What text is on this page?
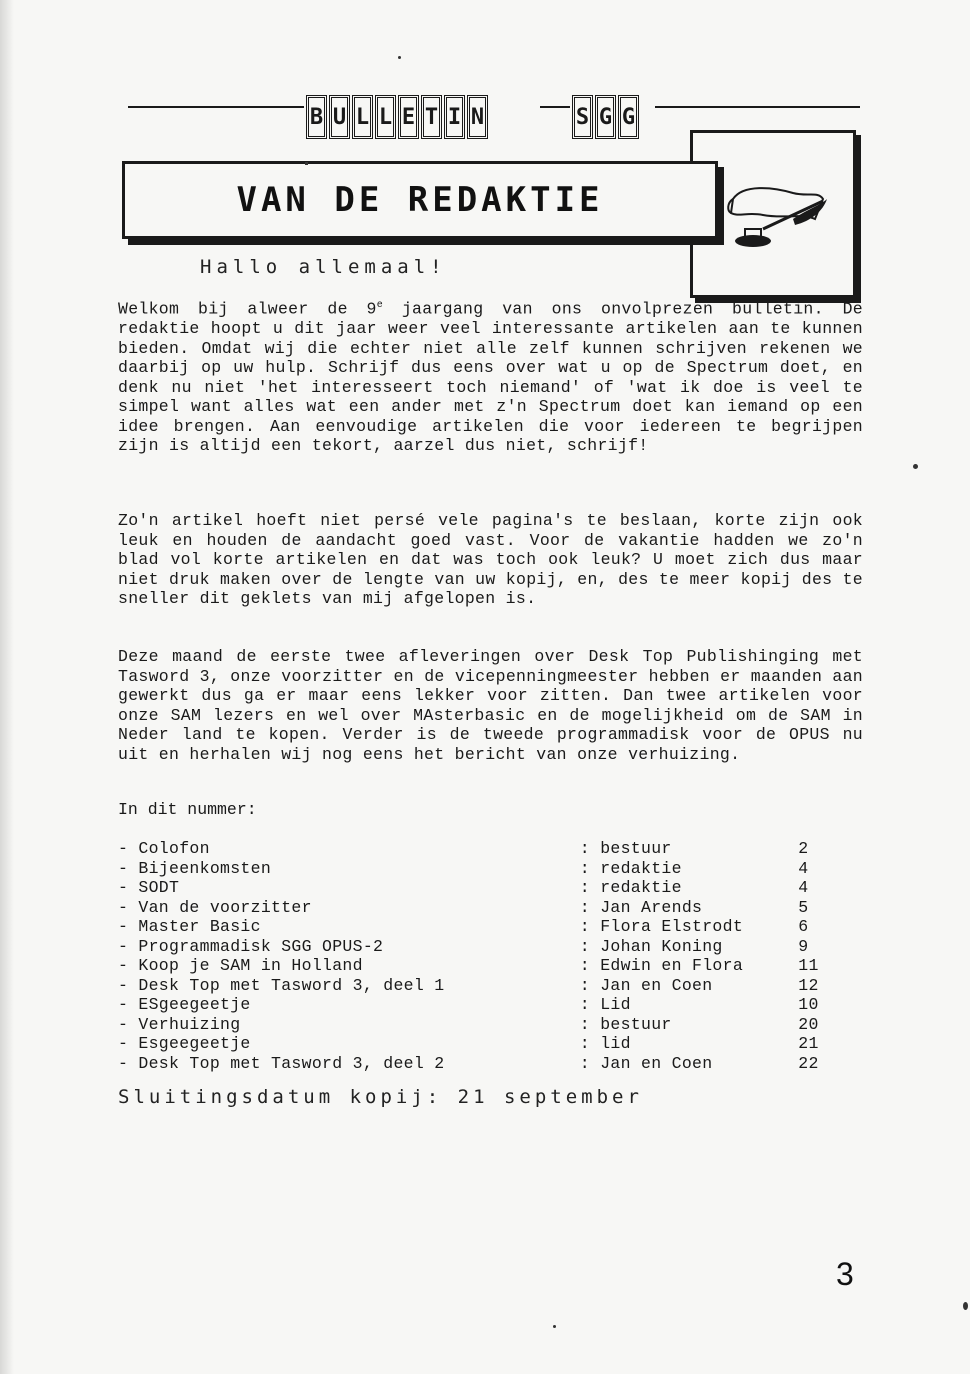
B U L L E T I N	S G G
VAN DE REDAKTIE

Hallo allemaal!

Welkom bij alweer de 9e jaargang van ons onvolprezen bulletin. De redaktie hoopt u dit jaar weer veel interessante artikelen aan te kunnen bieden. Omdat wij die echter niet alle zelf kunnen schrijven rekenen we daarbij op uw hulp. Schrijf dus eens over wat u op de Spectrum doet, en denk nu niet 'het interesseert toch niemand' of 'wat ik doe is veel te simpel want alles wat een ander met z'n Spectrum doet kan iemand op een idee brengen. Aan eenvoudige artikelen die voor iedereen te begrijpen zijn is altijd een tekort, aarzel dus niet, schrijf!

Zo'n artikel hoeft niet persé vele pagina's te beslaan, korte zijn ook leuk en houden de aandacht goed vast. Voor de vakantie hadden we zo'n blad vol korte artikelen en dat was toch ook leuk? U moet zich dus maar niet druk maken over de lengte van uw kopij, en, des te meer kopij des te sneller dit geklets van mij afgelopen is.

Deze maand de eerste twee afleveringen over Desk Top Publishinging met Tasword 3, onze voorzitter en de vicepenningmeester hebben er maanden aan gewerkt dus ga er maar eens lekker voor zitten. Dan twee artikelen voor onze SAM lezers en wel over MAsterbasic en de mogelijkheid om de SAM in Neder land te kopen. Verder is de tweede programmadisk voor de OPUS nu uit en herhalen wij nog eens het bericht van onze verhuizing.

In dit nummer:

- Colofon	: bestuur	2
- Bijeenkomsten	: redaktie	4
- SODT	: redaktie	4
- Van de voorzitter	: Jan Arends	5
- Master Basic	: Flora Elstrodt	6
- Programmadisk SGG OPUS-2	: Johan Koning	9
- Koop je SAM in Holland	: Edwin en Flora	11
- Desk Top met Tasword 3, deel 1	: Jan en Coen	12
- ESgeegeetje	: Lid	10
- Verhuizing	: bestuur	20
- Esgeegeetje	: lid	21
- Desk Top met Tasword 3, deel 2	: Jan en Coen	22

Sluitingsdatum kopij: 21 september

3
